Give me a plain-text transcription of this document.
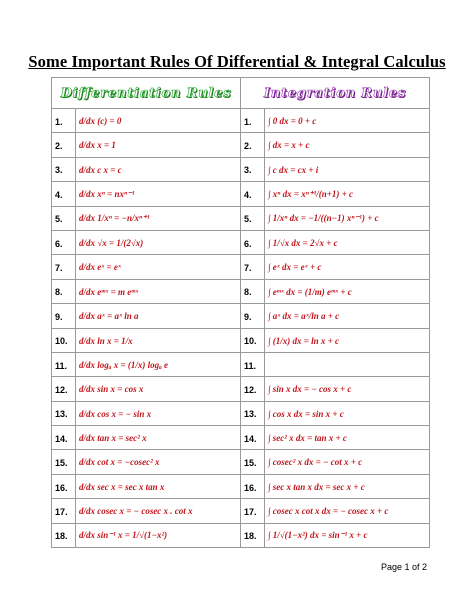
Some Important Rules Of Differential & Integral Calculus
Differentiation Rules		Integration Rules	
1.	d/dx (c) = 0	1.	∫ 0 dx = 0 + c
2.	d/dx x = 1	2.	∫ dx = x + c
3.	d/dx c x = c	3.	∫ c dx = cx + i
4.	d/dx xⁿ = nxⁿ⁻¹	4.	∫ xⁿ dx = xⁿ⁺¹/(n+1) + c
5.	d/dx 1/xⁿ = −n/xⁿ⁺¹	5.	∫ 1/xⁿ dx = −1/((n−1) xⁿ⁻¹) + c
6.	d/dx √x = 1/(2√x)	6.	∫ 1/√x dx = 2√x + c
7.	d/dx eˣ = eˣ	7.	∫ eˣ dx = eˣ + c
8.	d/dx eᵐˣ = m eᵐˣ	8.	∫ eᵐˣ dx = (1/m) eᵐˣ + c
9.	d/dx aˣ = aˣ ln a	9.	∫ aˣ dx = aˣ/ln a + c
10.	d/dx ln x = 1/x	10.	∫ (1/x) dx = ln x + c
11.	d/dx logₐ x = (1/x) logₐ e	11.	
12.	d/dx sin x = cos x	12.	∫ sin x dx = − cos x + c
13.	d/dx cos x = − sin x	13.	∫ cos x dx = sin x + c
14.	d/dx tan x = sec² x	14.	∫ sec² x dx = tan x + c
15.	d/dx cot x = −cosec² x	15.	∫ cosec² x dx = − cot x + c
16.	d/dx sec x = sec x tan x	16.	∫ sec x tan x dx = sec x + c
17.	d/dx cosec x = − cosec x . cot x	17.	∫ cosec x cot x dx = − cosec x + c
18.	d/dx sin⁻¹ x = 1/√(1−x²)	18.	∫ 1/√(1−x²) dx = sin⁻¹ x + c
Page 1 of 2
